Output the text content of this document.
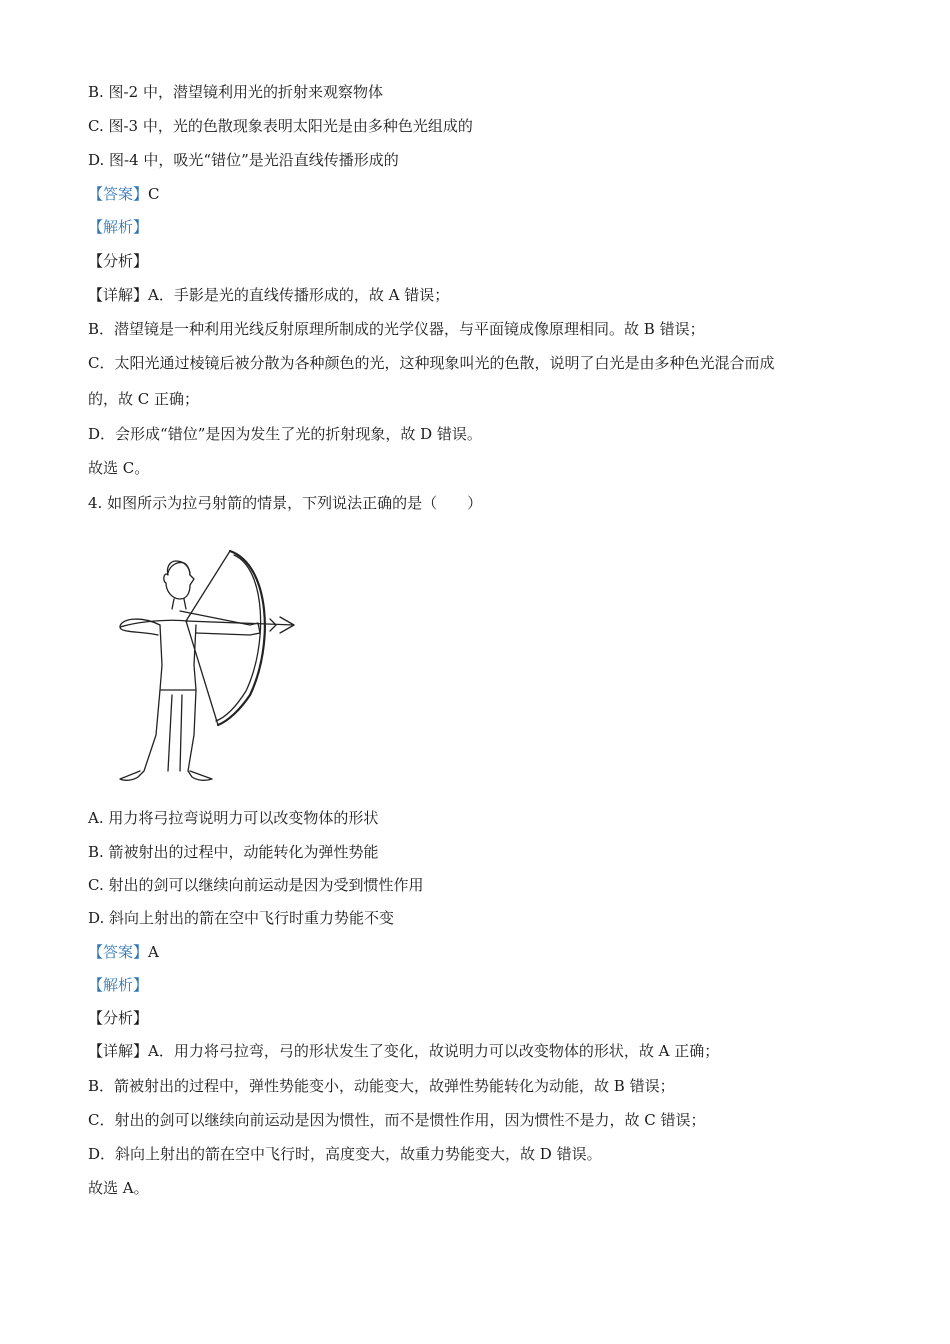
B. 图-2 中，潜望镜利用光的折射来观察物体
C. 图-3 中，光的色散现象表明太阳光是由多种色光组成的
D. 图-4 中，吸光“错位”是光沿直线传播形成的
【答案】C
【解析】
【分析】
【详解】A．手影是光的直线传播形成的，故 A 错误；
B．潜望镜是一种利用光线反射原理所制成的光学仪器，与平面镜成像原理相同。故 B 错误；
C．太阳光通过棱镜后被分散为各种颜色的光，这种现象叫光的色散，说明了白光是由多种色光混合而成
的，故 C 正确；
D．会形成“错位”是因为发生了光的折射现象，故 D 错误。
故选 C。
4. 如图所示为拉弓射箭的情景，下列说法正确的是（　　）
A. 用力将弓拉弯说明力可以改变物体的形状
B. 箭被射出的过程中，动能转化为弹性势能
C. 射出的剑可以继续向前运动是因为受到惯性作用
D. 斜向上射出的箭在空中飞行时重力势能不变
【答案】A
【解析】
【分析】
【详解】A．用力将弓拉弯，弓的形状发生了变化，故说明力可以改变物体的形状，故 A 正确；
B．箭被射出的过程中，弹性势能变小，动能变大，故弹性势能转化为动能，故 B 错误；
C．射出的剑可以继续向前运动是因为惯性，而不是惯性作用，因为惯性不是力，故 C 错误；
D．斜向上射出的箭在空中飞行时，高度变大，故重力势能变大，故 D 错误。
故选 A。
